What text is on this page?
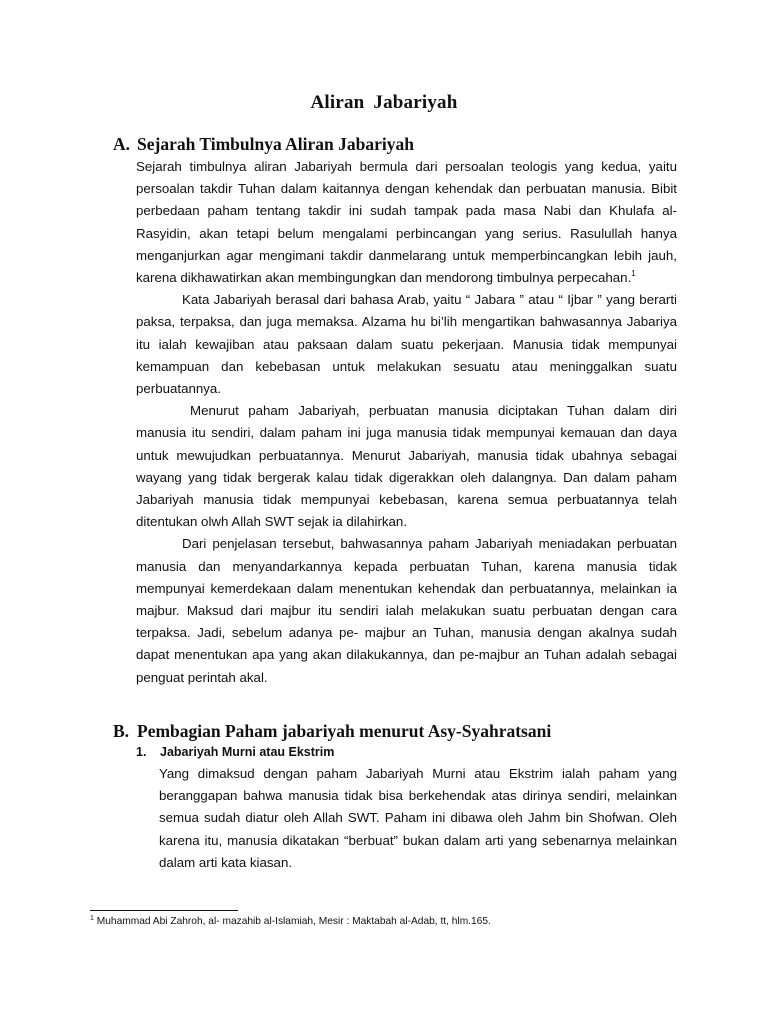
Aliran Jabariyah
A. Sejarah Timbulnya Aliran Jabariyah

Sejarah timbulnya aliran Jabariyah bermula dari persoalan teologis yang kedua, yaitu persoalan takdir Tuhan dalam kaitannya dengan kehendak dan perbuatan manusia. Bibit perbedaan paham tentang takdir ini sudah tampak pada masa Nabi dan Khulafa al-Rasyidin, akan tetapi belum mengalami perbincangan yang serius. Rasulullah hanya menganjurkan agar mengimani takdir danmelarang untuk memperbincangkan lebih jauh, karena dikhawatirkan akan membingungkan dan mendorong timbulnya perpecahan.$^1$

Kata Jabariyah berasal dari bahasa Arab, yaitu “ Jabara ” atau “ Ijbar ” yang berarti paksa, terpaksa, dan juga memaksa. Alzama hu bi’lih mengartikan bahwasannya Jabariya itu ialah kewajiban atau paksaan dalam suatu pekerjaan. Manusia tidak mempunyai kemampuan dan kebebasan untuk melakukan sesuatu atau meninggalkan suatu perbuatannya.

Menurut paham Jabariyah, perbuatan manusia diciptakan Tuhan dalam diri manusia itu sendiri, dalam paham ini juga manusia tidak mempunyai kemauan dan daya untuk mewujudkan perbuatannya. Menurut Jabariyah, manusia tidak ubahnya sebagai wayang yang tidak bergerak kalau tidak digerakkan oleh dalangnya. Dan dalam paham Jabariyah manusia tidak mempunyai kebebasan, karena semua perbuatannya telah ditentukan olwh Allah SWT sejak ia dilahirkan.

Dari penjelasan tersebut, bahwasannya paham Jabariyah meniadakan perbuatan manusia dan menyandarkannya kepada perbuatan Tuhan, karena manusia tidak mempunyai kemerdekaan dalam menentukan kehendak dan perbuatannya, melainkan ia majbur. Maksud dari majbur itu sendiri ialah melakukan suatu perbuatan dengan cara terpaksa. Jadi, sebelum adanya pe- majbur an Tuhan, manusia dengan akalnya sudah dapat menentukan apa yang akan dilakukannya, dan pe-majbur an Tuhan adalah sebagai penguat perintah akal.

B. Pembagian Paham jabariyah menurut Asy-Syahratsani
1. Jabariyah Murni atau Ekstrim

Yang dimaksud dengan paham Jabariyah Murni atau Ekstrim ialah paham yang beranggapan bahwa manusia tidak bisa berkehendak atas dirinya sendiri, melainkan semua sudah diatur oleh Allah SWT. Paham ini dibawa oleh Jahm bin Shofwan. Oleh karena itu, manusia dikatakan “berbuat” bukan dalam arti yang sebenarnya melainkan dalam arti kata kiasan.

$^1$ Muhammad Abi Zahroh, al- mazahib al-Islamiah, Mesir : Maktabah al-Adab, tt, hlm.165.
